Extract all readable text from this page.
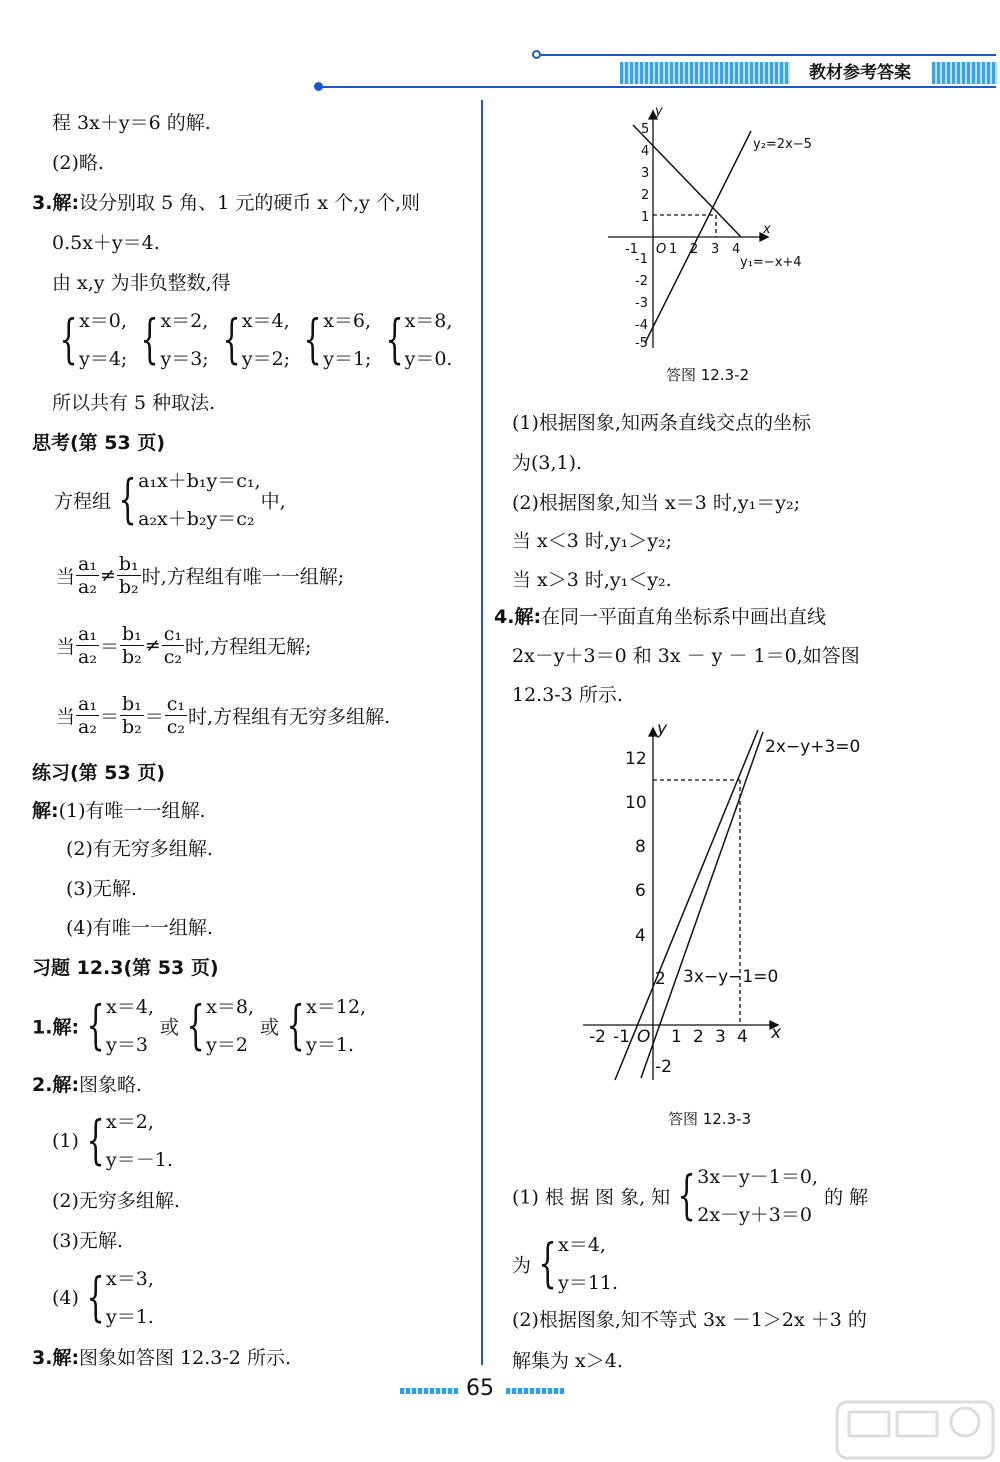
教材参考答案
程 3x＋y＝6 的解.
(2)略.
3.解:设分别取 5 角、1 元的硬币 x 个,y 个,则
0.5x＋y＝4.
由 x,y 为非负整数,得
{x＝0,
y＝4; {x＝2,
y＝3; {x＝4,
y＝2; {x＝6,
y＝1; {x＝8,
y＝0.
所以共有 5 种取法.
思考(第 53 页)
方程组 {a₁x＋b₁y＝c₁,
a₂x＋b₂y＝c₂中,
当 $\frac{\text{a₁}}{\text{a₂}} \ne \frac{\text{b₁}}{\text{b₂}}$ 时,方程组有唯一一组解;
当 $\frac{\text{a₁}}{\text{a₂}} = \frac{\text{b₁}}{\text{b₂}} \ne \frac{\text{c₁}}{\text{c₂}}$ 时,方程组无解;
当 $\frac{\text{a₁}}{\text{a₂}} = \frac{\text{b₁}}{\text{b₂}} = \frac{\text{c₁}}{\text{c₂}}$ 时,方程组有无穷多组解.
练习(第 53 页)
解:(1)有唯一一组解.
(2)有无穷多组解.
(3)无解.
(4)有唯一一组解.
习题 12.3(第 53 页)
1.解: {x＝4,
y＝3 或 {x＝8,
y＝2 或 {x＝12,
y＝1.
2.解:图象略.
(1) {x＝2,
y＝－1.
(2)无穷多组解.
(3)无解.
(4) {x＝3,
y＝1.
3.解:图象如答图 12.3-2 所示.
y
x
5
4
3
2
1
-1
-2
-3
-4
-5
-1 O 1 2 3 4
y₂=2x−5
y₁=−x+4
答图 12.3-2
(1)根据图象,知两条直线交点的坐标
为(3,1).
(2)根据图象,知当 x＝3 时,y₁＝y₂;
当 x＜3 时,y₁＞y₂;
当 x＞3 时,y₁＜y₂.
4.解:在同一平面直角坐标系中画出直线
2x－y＋3＝0 和 3x － y － 1＝0,如答图
12.3-3 所示.
y
x
12
10
8
6
4
2
-2
-2 -1 O 1 2 3 4
2x−y+3=0
3x−y−1=0
答图 12.3-3
(1) 根 据 图 象, 知 {3x－y－1＝0,
2x－y＋3＝0 的 解
为 {x＝4,
y＝11.
(2)根据图象,知不等式 3x －1＞2x ＋3 的
解集为 x＞4.
65
